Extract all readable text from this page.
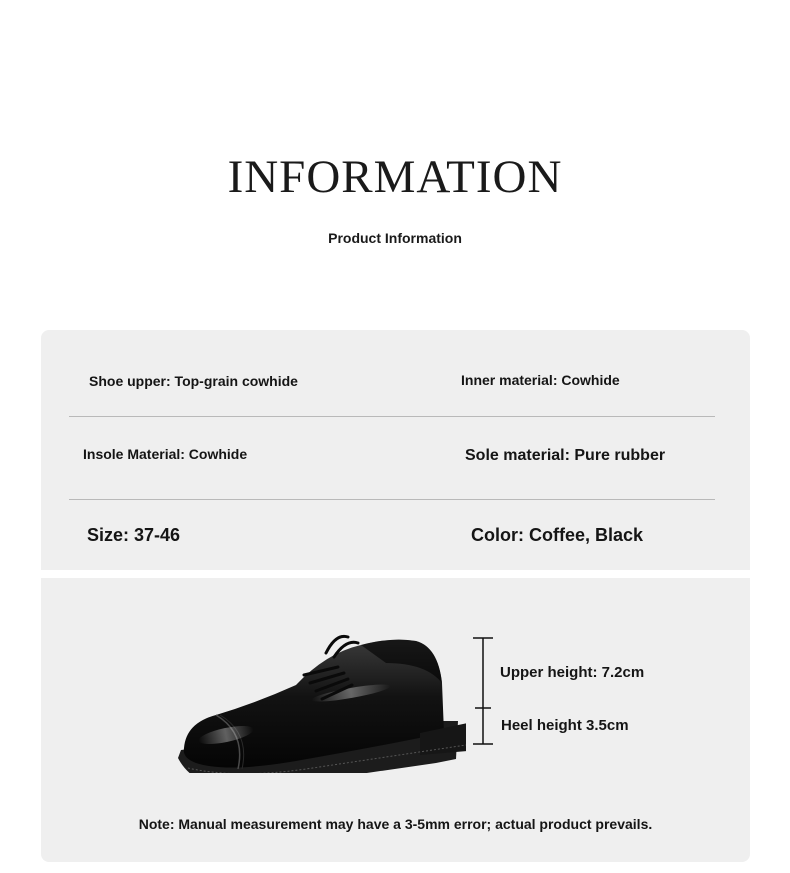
INFORMATION
Product Information
Shoe upper: Top-grain cowhide	Inner material: Cowhide
Insole Material: Cowhide	Sole material: Pure rubber
Size: 37-46	Color: Coffee, Black
Upper height: 7.2cm
Heel height 3.5cm
Note: Manual measurement may have a 3-5mm error; actual product prevails.
